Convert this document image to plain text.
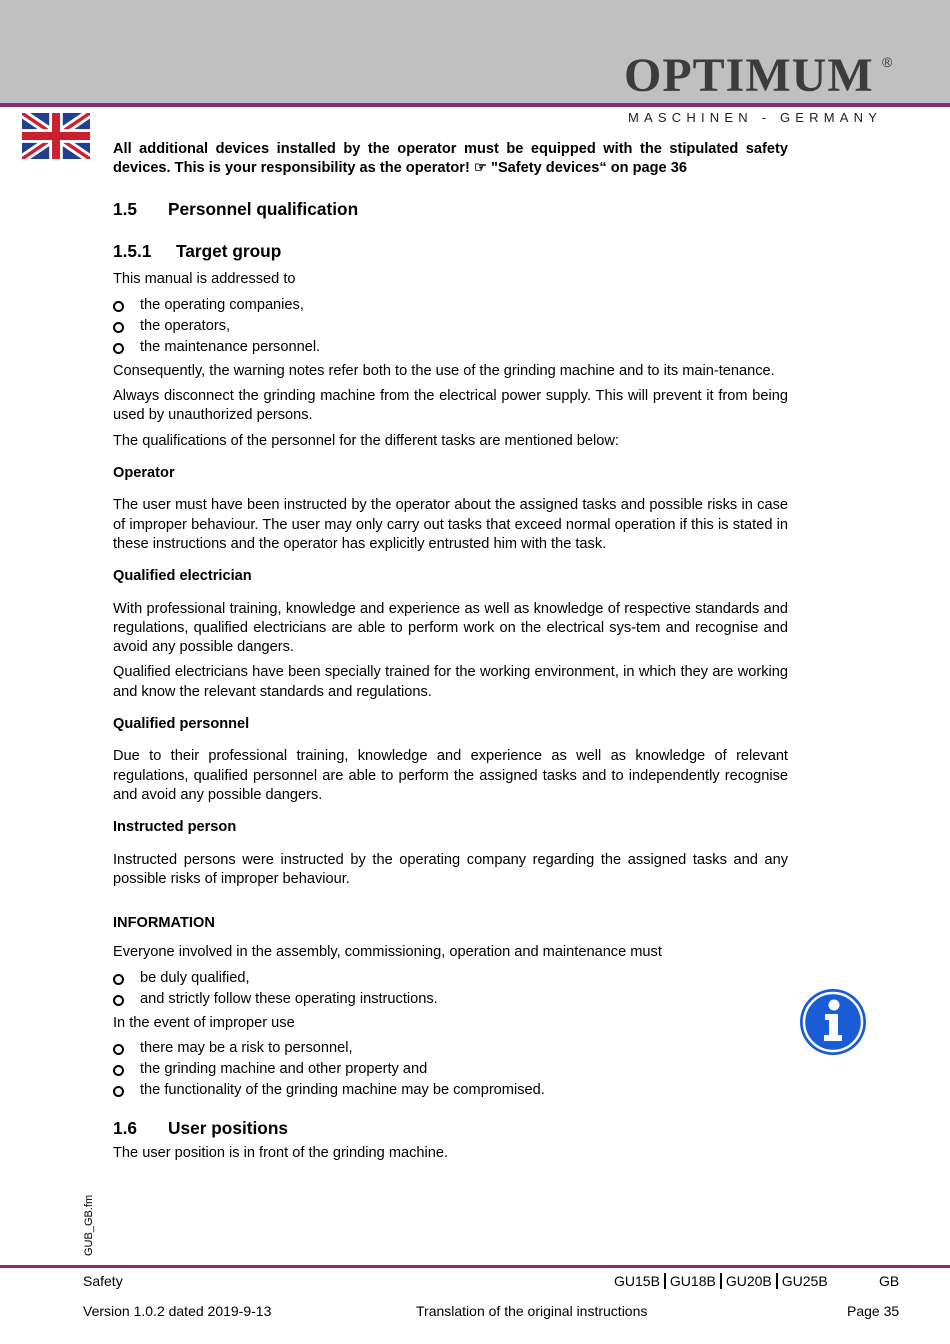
OPTIMUM ®
MASCHINEN - GERMANY

All additional devices installed by the operator must be equipped with the stipulated safety devices. This is your responsibility as the operator! ☞ "Safety devices“ on page 36

1.5 Personnel qualification
1.5.1 Target group

This manual is addressed to

the operating companies,
the operators,
the maintenance personnel.

Consequently, the warning notes refer both to the use of the grinding machine and to its main-tenance.

Always disconnect the grinding machine from the electrical power supply. This will prevent it from being used by unauthorized persons.

The qualifications of the personnel for the different tasks are mentioned below:

Operator

The user must have been instructed by the operator about the assigned tasks and possible risks in case of improper behaviour. The user may only carry out tasks that exceed normal operation if this is stated in these instructions and the operator has explicitly entrusted him with the task.

Qualified electrician

With professional training, knowledge and experience as well as knowledge of respective standards and regulations, qualified electricians are able to perform work on the electrical sys-tem and recognise and avoid any possible dangers.

Qualified electricians have been specially trained for the working environment, in which they are working and know the relevant standards and regulations.

Qualified personnel

Due to their professional training, knowledge and experience as well as knowledge of relevant regulations, qualified personnel are able to perform the assigned tasks and to independently recognise and avoid any possible dangers.

Instructed person

Instructed persons were instructed by the operating company regarding the assigned tasks and any possible risks of improper behaviour.

INFORMATION

Everyone involved in the assembly, commissioning, operation and maintenance must

be duly qualified,
and strictly follow these operating instructions.

In the event of improper use

there may be a risk to personnel,
the grinding machine and other property and
the functionality of the grinding machine may be compromised.
1.6 User positions

The user position is in front of the grinding machine.

GUB_GB.fm
Safety	GU15B GU18B GU20B GU25B	GB
Version 1.0.2 dated 2019-9-13	Translation of the original instructions	Page 35
